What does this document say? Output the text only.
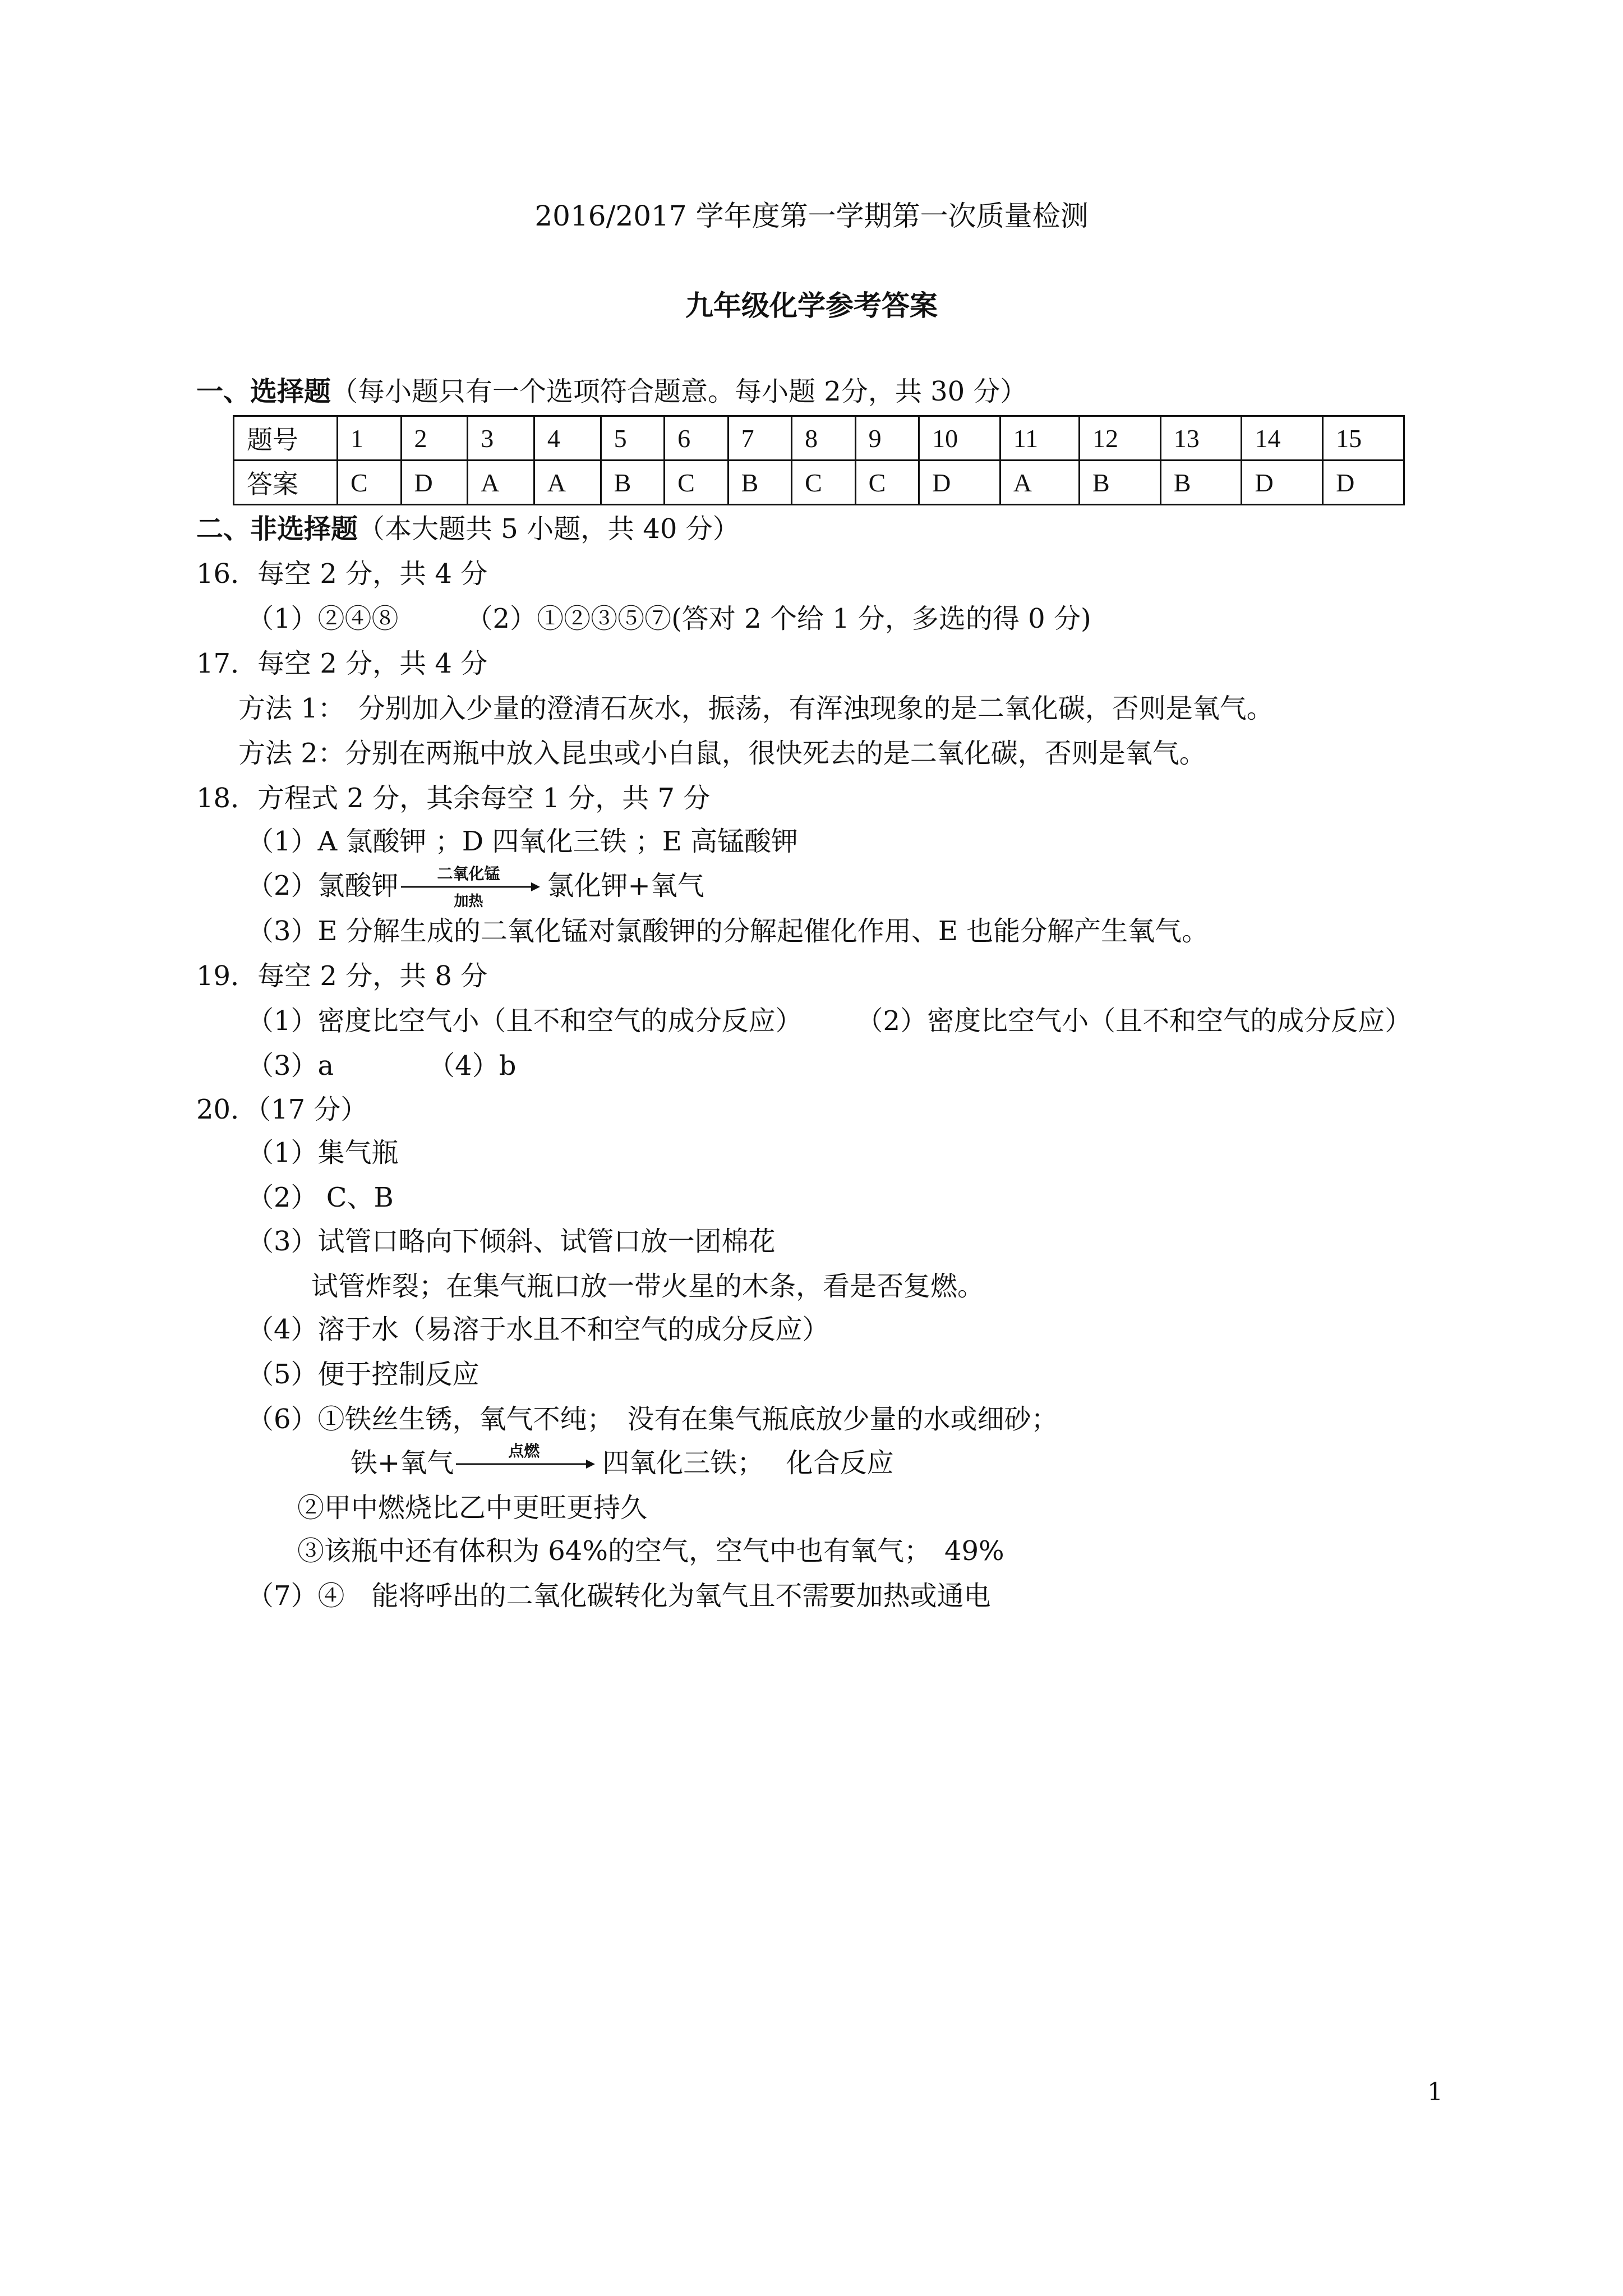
2016/2017 学年度第一学期第一次质量检测
九年级化学参考答案
一、选择题（每小题只有一个选项符合题意。每小题 2分，共 30 分）
题号	1	2	3	4	5	6	7	8	9	10	11	12	13	14	15
答案	C	D	A	A	B	C	B	C	C	D	A	B	B	D	D
二、非选择题（本大题共 5 小题，共 40 分）
16．每空 2 分，共 4 分
（1）②④⑧　　　（2）①②③⑤⑦(答对 2 个给 1 分，多选的得 0 分)
17．每空 2 分，共 4 分
方法 1：　分别加入少量的澄清石灰水，振荡，有浑浊现象的是二氧化碳，否则是氧气。
方法 2：分别在两瓶中放入昆虫或小白鼠，很快死去的是二氧化碳，否则是氧气。
18．方程式 2 分，其余每空 1 分，共 7 分
（1）A 氯酸钾 ；D 四氧化三铁 ；E 高锰酸钾
（2）氯酸钾	二氧化锰
加热	氯化钾+氧气
（3）E 分解生成的二氧化锰对氯酸钾的分解起催化作用、E 也能分解产生氧气。
19．每空 2 分，共 8 分
（1）密度比空气小（且不和空气的成分反应）　　　（2）密度比空气小（且不和空气的成分反应）
（3）a　　　　（4）b
20．（17 分）
（1）集气瓶
（2） C、B
（3）试管口略向下倾斜、试管口放一团棉花
试管炸裂；在集气瓶口放一带火星的木条，看是否复燃。
（4）溶于水（易溶于水且不和空气的成分反应）
（5）便于控制反应
（6）①铁丝生锈，氧气不纯；　没有在集气瓶底放少量的水或细砂；
铁+氧气	点燃	四氧化三铁；　 化合反应
②甲中燃烧比乙中更旺更持久
③该瓶中还有体积为 64%的空气，空气中也有氧气；　49%
（7）④　能将呼出的二氧化碳转化为氧气且不需要加热或通电
1
